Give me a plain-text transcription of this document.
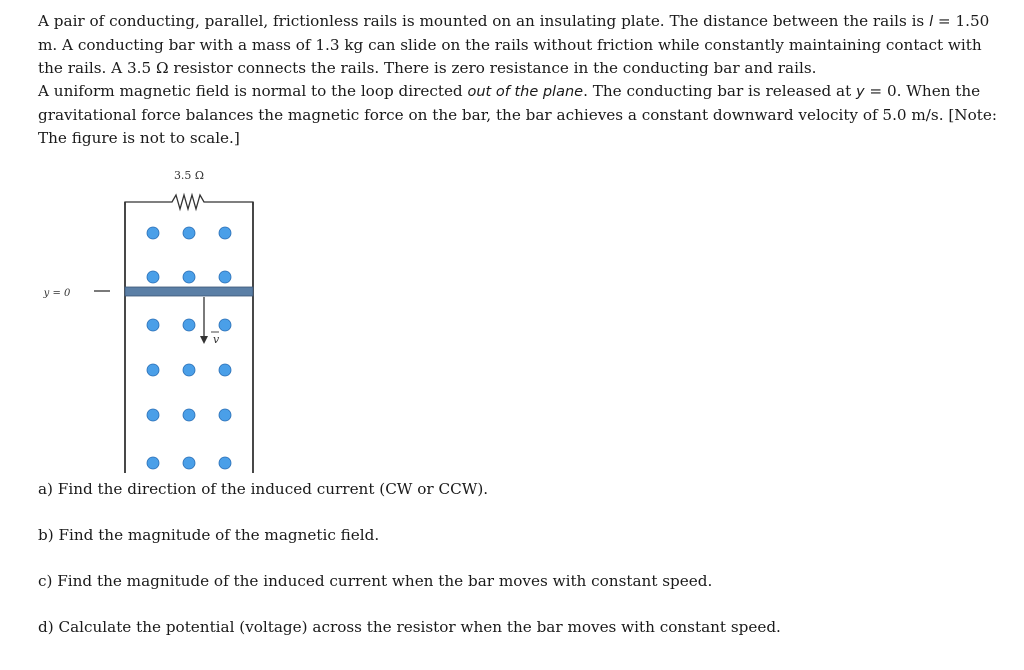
A pair of conducting, parallel, frictionless rails is mounted on an insulating plate. The distance between the rails is l = 1.50 m. A conducting bar with a mass of 1.3 kg can slide on the rails without friction while constantly maintaining contact with the rails. A 3.5 Ω resistor connects the rails. There is zero resistance in the conducting bar and rails.

A uniform magnetic field is normal to the loop directed out of the plane. The conducting bar is released at y = 0. When the gravitational force balances the magnetic force on the bar, the bar achieves a constant downward velocity of 5.0 m/s. [Note: The figure is not to scale.]

3.5 Ω
y = 0
v
a) Find the direction of the induced current (CW or CCW).
b) Find the magnitude of the magnetic field.
c) Find the magnitude of the induced current when the bar moves with constant speed.
d) Calculate the potential (voltage) across the resistor when the bar moves with constant speed.
